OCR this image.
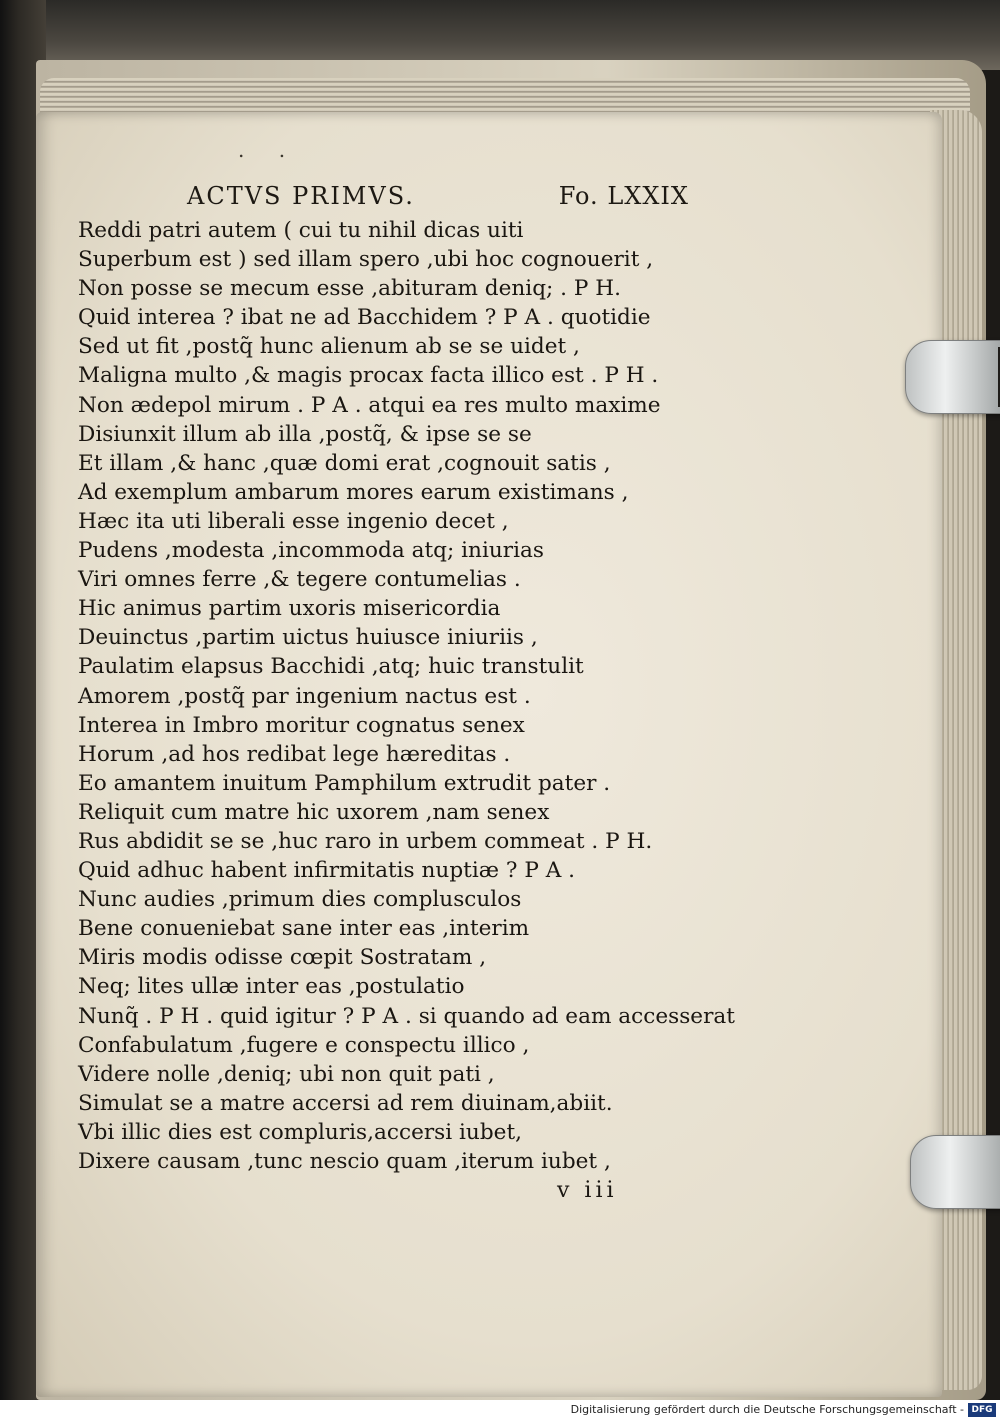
. .
ACTVS PRIMVS.	Fo. LXXIX
Reddi patri autem ( cui tu nihil dicas uiti
Superbum est ) sed illam spero ,ubi hoc cognouerit ,
Non posse se mecum esse ,abituram deniq; . P H.
Quid interea ? ibat ne ad Bacchidem ? P A . quotidie
Sed ut fit ,postq̃ hunc alienum ab se se uidet ,
Maligna multo ,& magis procax facta illico est . P H .
Non ædepol mirum . P A . atqui ea res multo maxime
Disiunxit illum ab illa ,postq̃, & ipse se se
Et illam ,& hanc ,quæ domi erat ,cognouit satis ,
Ad exemplum ambarum mores earum existimans ,
Hæc ita uti liberali esse ingenio decet ,
Pudens ,modesta ,incommoda atq; iniurias
Viri omnes ferre ,& tegere contumelias .
Hic animus partim uxoris misericordia
Deuinctus ,partim uictus huiusce iniuriis ,
Paulatim elapsus Bacchidi ,atq; huic transtulit
Amorem ,postq̃ par ingenium nactus est .
Interea in Imbro moritur cognatus senex
Horum ,ad hos redibat lege hæreditas .
Eo amantem inuitum Pamphilum extrudit pater .
Reliquit cum matre hic uxorem ,nam senex
Rus abdidit se se ,huc raro in urbem commeat . P H.
Quid adhuc habent infirmitatis nuptiæ ? P A .
Nunc audies ,primum dies complusculos
Bene conueniebat sane inter eas ,interim
Miris modis odisse cœpit Sostratam ,
Neq; lites ullæ inter eas ,postulatio
Nunq̃ . P H . quid igitur ? P A . si quando ad eam accesserat
Confabulatum ,fugere e conspectu illico ,
Videre nolle ,deniq; ubi non quit pati ,
Simulat se a matre accersi ad rem diuinam,abiit.
Vbi illic dies est compluris,accersi iubet,
Dixere causam ,tunc nescio quam ,iterum iubet ,
v iii
Digitalisierung gefördert durch die Deutsche Forschungsgemeinschaft - DFG
